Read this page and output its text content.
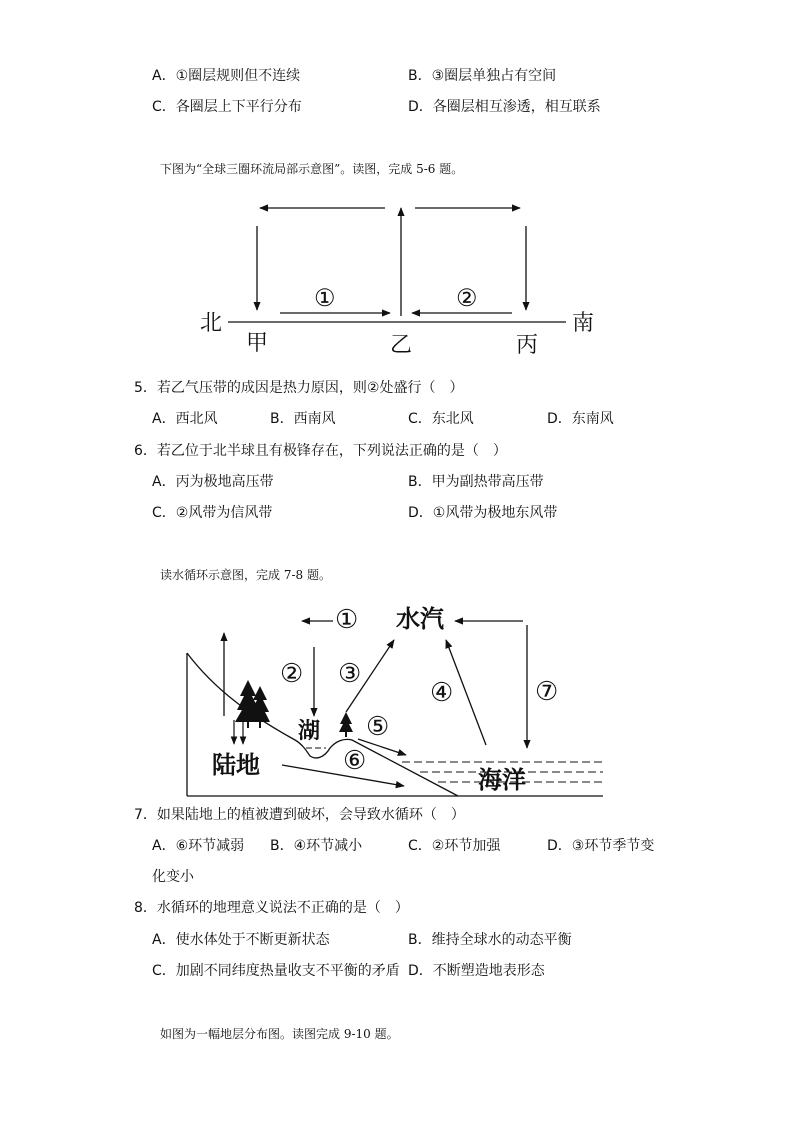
A．①圈层规则但不连续	B．③圈层单独占有空间
C．各圈层上下平行分布	D．各圈层相互渗透，相互联系
下图为“全球三圈环流局部示意图”。读图，完成 5-6 题。
北	南
甲	乙	丙
①	②
5．若乙气压带的成因是热力原因，则②处盛行（　）
A．西北风	B．西南风	C．东北风	D．东南风
6．若乙位于北半球且有极锋存在，下列说法正确的是（　）
A．丙为极地高压带	B．甲为副热带高压带
C．②风带为信风带	D．①风带为极地东风带
读水循环示意图，完成 7-8 题。
水汽
①
② ③
④
⑤
⑥
⑦
湖
陆地
海洋
7．如果陆地上的植被遭到破坏，会导致水循环（　）
A．⑥环节减弱 B．④环节减小	C．②环节加强	D．③环节季节变
化变小
8．水循环的地理意义说法不正确的是（　）
A．使水体处于不断更新状态	B．维持全球水的动态平衡
C．加剧不同纬度热量收支不平衡的矛盾 D．不断塑造地表形态
如图为一幅地层分布图。读图完成 9-10 题。
